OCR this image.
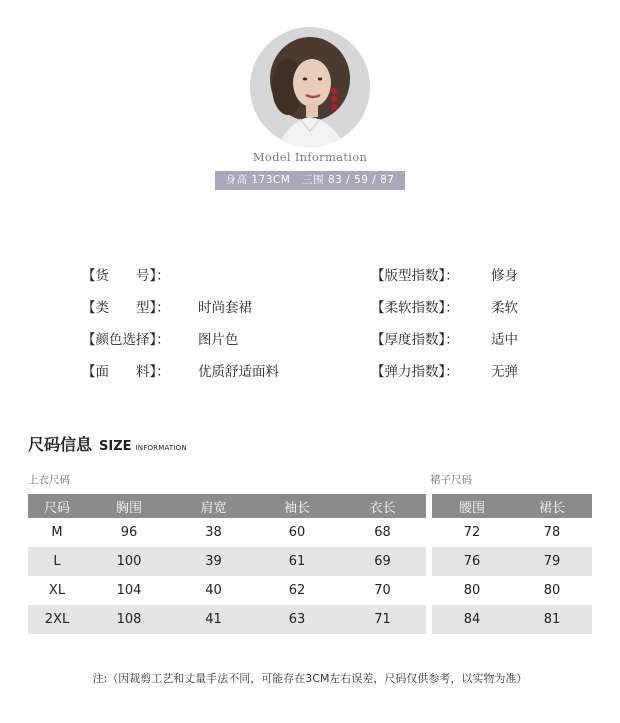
Model Information
身高 173CM 三围 83 / 59 / 87
【货　　号】：
【类　　型】： 时尚套裙
【颜色选择】： 图片色
【面　　料】： 优质舒适面料
【版型指数】： 修身
【柔软指数】： 柔软
【厚度指数】： 适中
【弹力指数】： 无弹
尺码信息 SIZE INFORMATION
上衣尺码	裙子尺码
尺码	胸围	肩宽	袖长	衣长
M	96	38	60	68
L	100	39	61	69
XL	104	40	62	70
2XL	108	41	63	71
腰围	裙长
72	78
76	79
80	80
84	81
注:（因裁剪工艺和丈量手法不同，可能存在3CM左右误差，尺码仅供参考，以实物为准）
